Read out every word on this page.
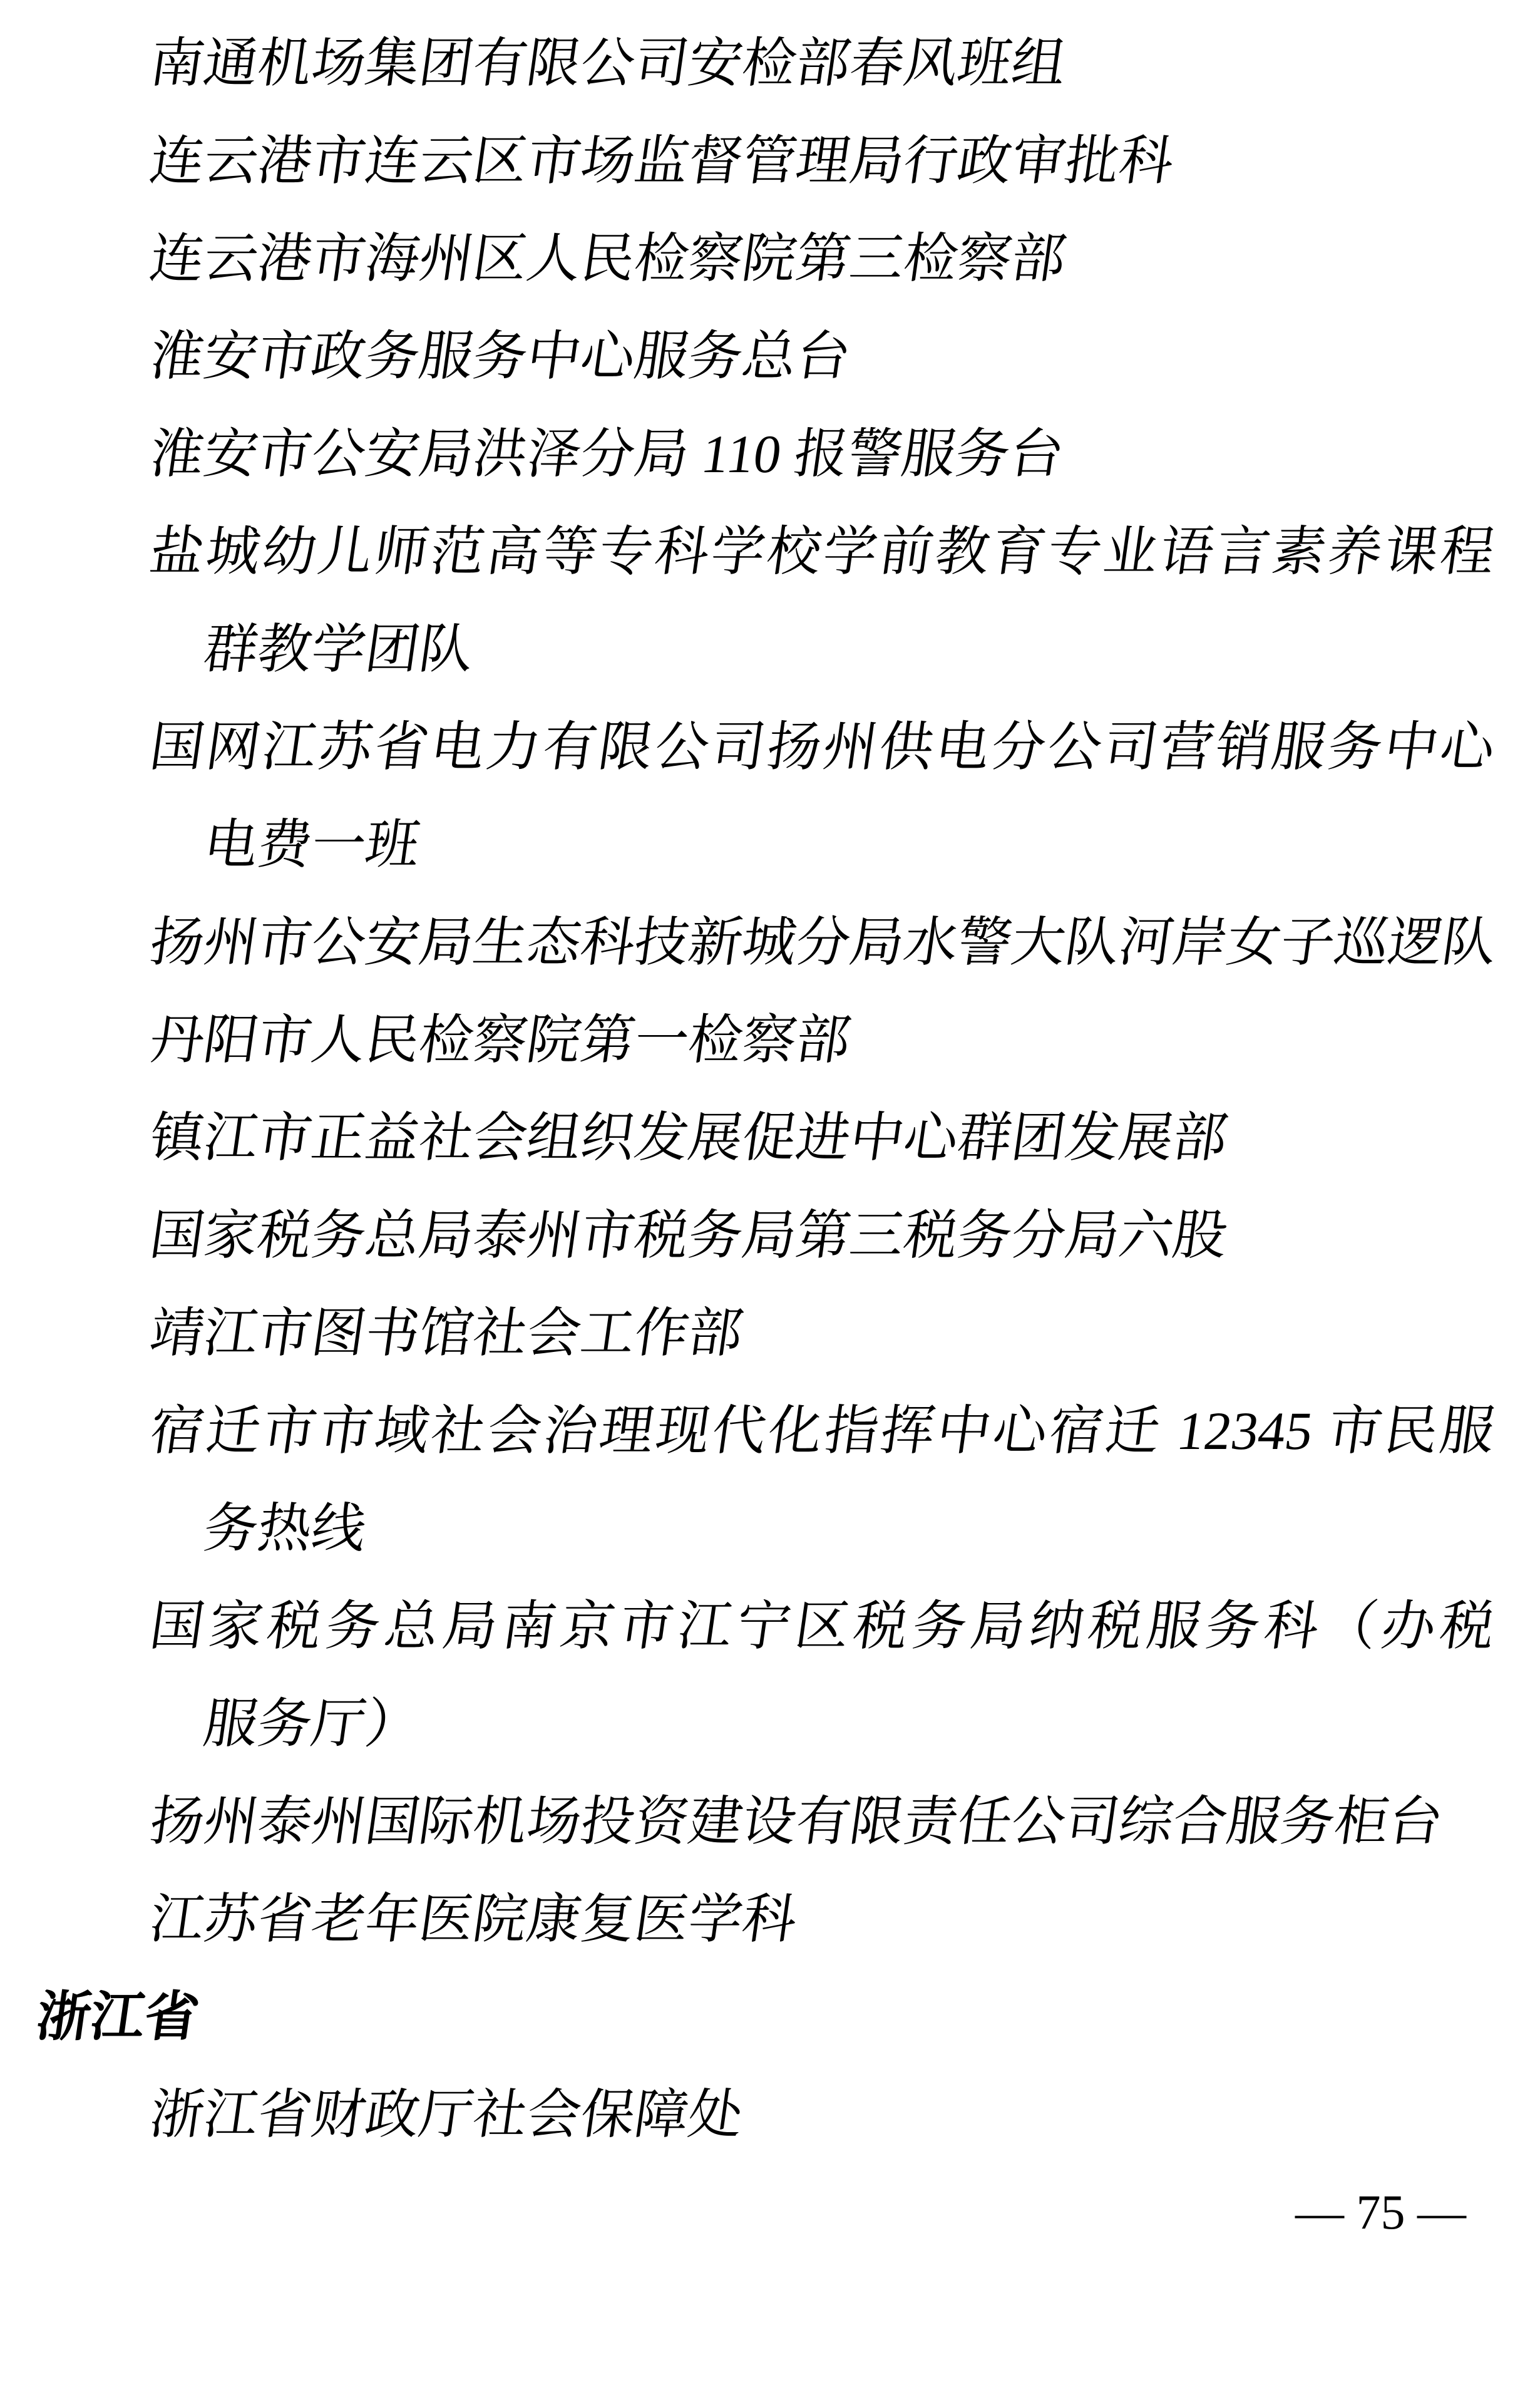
南通机场集团有限公司安检部春风班组
连云港市连云区市场监督管理局行政审批科
连云港市海州区人民检察院第三检察部
淮安市政务服务中心服务总台
淮安市公安局洪泽分局 110 报警服务台
盐城幼儿师范高等专科学校学前教育专业语言素养课程
群教学团队
国网江苏省电力有限公司扬州供电分公司营销服务中心
电费一班
扬州市公安局生态科技新城分局水警大队河岸女子巡逻队
丹阳市人民检察院第一检察部
镇江市正益社会组织发展促进中心群团发展部
国家税务总局泰州市税务局第三税务分局六股
靖江市图书馆社会工作部
宿迁市市域社会治理现代化指挥中心宿迁 12345 市民服
务热线
国家税务总局南京市江宁区税务局纳税服务科（办税
服务厅）
扬州泰州国际机场投资建设有限责任公司综合服务柜台
江苏省老年医院康复医学科
浙江省
浙江省财政厅社会保障处
— 75 —
